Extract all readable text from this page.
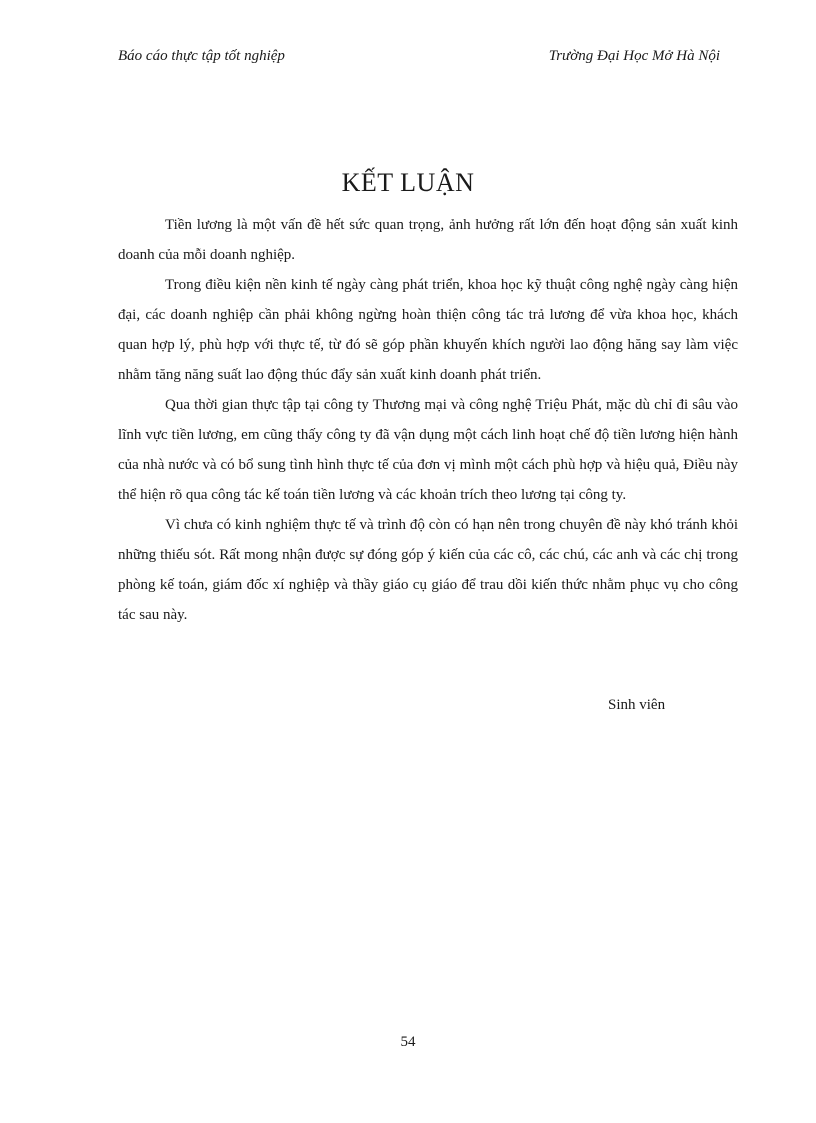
Báo cáo thực tập tốt nghiệp	Trường Đại Học Mở Hà Nội
KẾT LUẬN

Tiền lương là một vấn đề hết sức quan trọng, ảnh hưởng rất lớn đến hoạt động sản xuất kinh doanh của mỗi doanh nghiệp.

Trong điều kiện nền kinh tế ngày càng phát triển, khoa học kỹ thuật công nghệ ngày càng hiện đại, các doanh nghiệp cần phải không ngừng hoàn thiện công tác trả lương để vừa khoa học, khách quan hợp lý, phù hợp với thực tế, từ đó sẽ góp phần khuyến khích người lao động hăng say làm việc nhằm tăng năng suất lao động thúc đẩy sản xuất kinh doanh phát triển.

Qua thời gian thực tập tại công ty Thương mại và công nghệ Triệu Phát, mặc dù chỉ đi sâu vào lĩnh vực tiền lương, em cũng thấy công ty đã vận dụng một cách linh hoạt chế độ tiền lương hiện hành của nhà nước và có bổ sung tình hình thực tế của đơn vị mình một cách phù hợp và hiệu quả, Điều này thể hiện rõ qua công tác kế toán tiền lương và các khoản trích theo lương tại công ty.

Vì chưa có kinh nghiệm thực tế và trình độ còn có hạn nên trong chuyên đề này khó tránh khỏi những thiếu sót. Rất mong nhận được sự đóng góp ý kiến của các cô, các chú, các anh và các chị trong phòng kế toán, giám đốc xí nghiệp và thầy giáo cụ giáo để trau dồi kiến thức nhằm phục vụ cho công tác sau này.

Sinh viên
54
